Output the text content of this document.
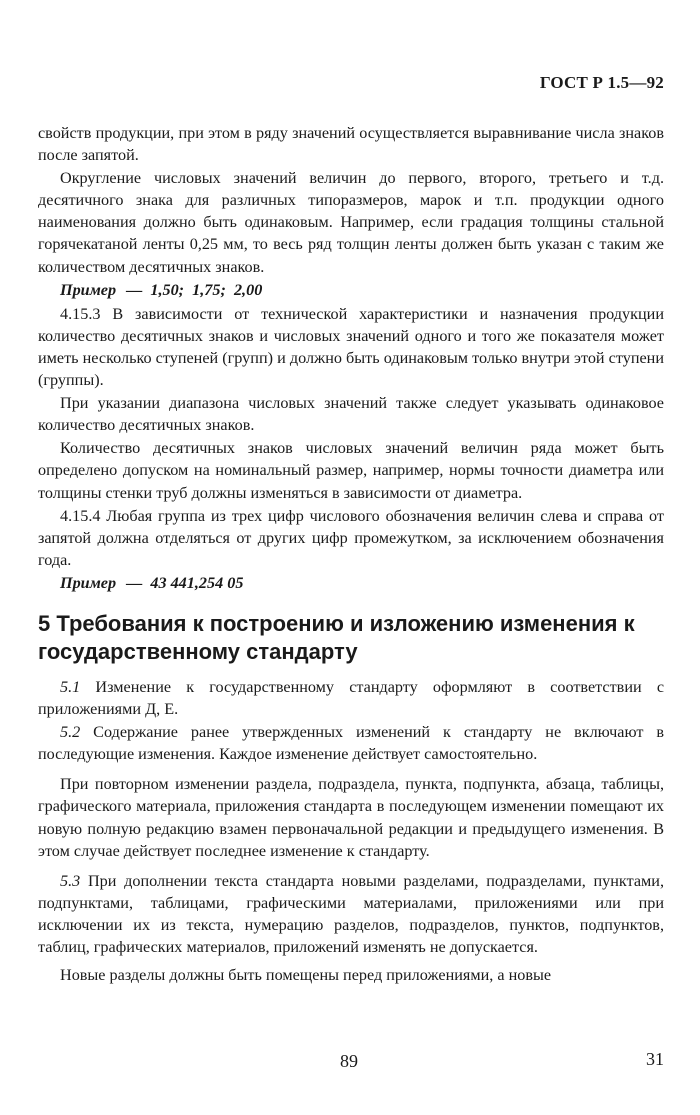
ГОСТ Р 1.5—92

свойств продукции, при этом в ряду значений осуществляется выравнивание числа знаков после запятой.

Округление числовых значений величин до первого, второго, третьего и т.д. десятичного знака для различных типоразмеров, марок и т.п. продукции одного наименования должно быть одинаковым. Например, если градация толщины стальной горячекатаной ленты 0,25 мм, то весь ряд толщин ленты должен быть указан с таким же количеством десятичных знаков.

Пример — 1,50;  1,75;  2,00

4.15.3 В зависимости от технической характеристики и назначения продукции количество десятичных знаков и числовых значений одного и того же показателя может иметь несколько ступеней (групп) и должно быть одинаковым только внутри этой ступени (группы).

При указании диапазона числовых значений также следует указывать одинаковое количество десятичных знаков.

Количество десятичных знаков числовых значений величин ряда может быть определено допуском на номинальный размер, например, нормы точности диаметра или толщины стенки труб должны изменяться в зависимости от диаметра.

4.15.4 Любая группа из трех цифр числового обозначения величин слева и справа от запятой должна отделяться от других цифр промежутком, за исключением обозначения года.

Пример — 43 441,254 05
5 Требования к построению и изложению изменения к государственному стандарту

5.1 Изменение к государственному стандарту оформляют в соответствии с приложениями Д, Е.

5.2 Содержание ранее утвержденных изменений к стандарту не включают в последующие изменения. Каждое изменение действует самостоятельно.

При повторном изменении раздела, подраздела, пункта, подпункта, абзаца, таблицы, графического материала, приложения стандарта в последующем изменении помещают их новую полную редакцию взамен первоначальной редакции и предыдущего изменения. В этом случае действует последнее изменение к стандарту.

5.3 При дополнении текста стандарта новыми разделами, подразделами, пунктами, подпунктами, таблицами, графическими материалами, приложениями или при исключении их из текста, нумерацию разделов, подразделов, пунктов, подпунктов, таблиц, графических материалов, приложений изменять не допускается.

Новые разделы должны быть помещены перед приложениями, а новые

89	31
